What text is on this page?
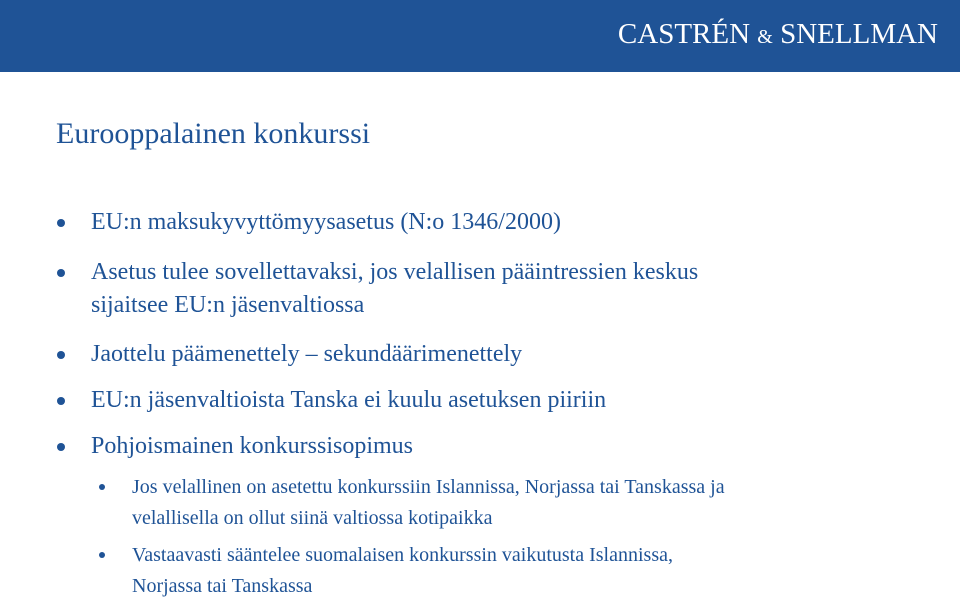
CASTRÉN & SNELLMAN
Eurooppalainen konkurssi
EU:n maksukyvyttömyysasetus (N:o 1346/2000)
Asetus tulee sovellettavaksi, jos velallisen pääintressien keskus
sijaitsee EU:n jäsenvaltiossa
Jaottelu päämenettely – sekundäärimenettely
EU:n jäsenvaltioista Tanska ei kuulu asetuksen piiriin
Pohjoismainen konkurssisopimus
Jos velallinen on asetettu konkurssiin Islannissa, Norjassa tai Tanskassa ja
velallisella on ollut siinä valtiossa kotipaikka
Vastaavasti sääntelee suomalaisen konkurssin vaikutusta Islannissa,
Norjassa tai Tanskassa
